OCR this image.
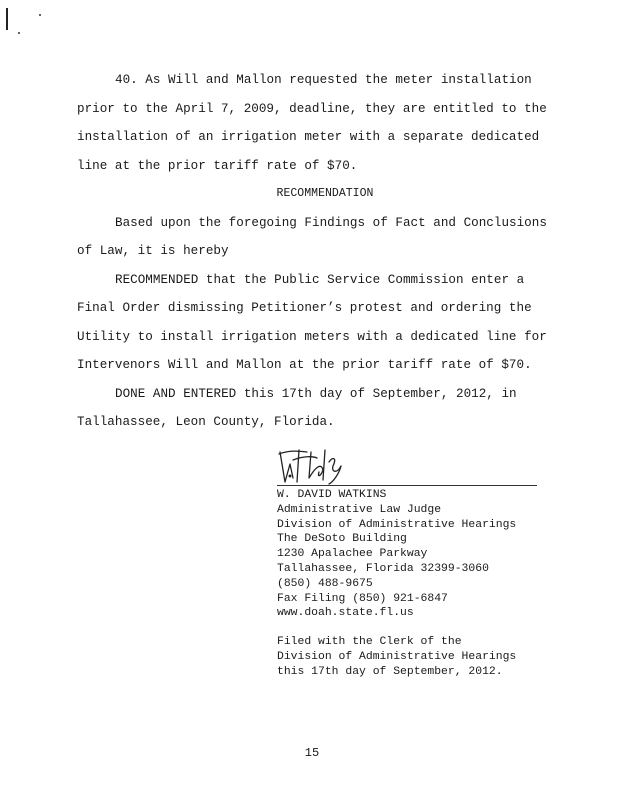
40. As Will and Mallon requested the meter installation prior to the April 7, 2009, deadline, they are entitled to the installation of an irrigation meter with a separate dedicated line at the prior tariff rate of $70.

RECOMMENDATION

Based upon the foregoing Findings of Fact and Conclusions of Law, it is hereby

RECOMMENDED that the Public Service Commission enter a Final Order dismissing Petitioner’s protest and ordering the Utility to install irrigation meters with a dedicated line for Intervenors Will and Mallon at the prior tariff rate of $70.

DONE AND ENTERED this 17th day of September, 2012, in Tallahassee, Leon County, Florida.

W. DAVID WATKINS
Administrative Law Judge
Division of Administrative Hearings
The DeSoto Building
1230 Apalachee Parkway
Tallahassee, Florida 32399-3060
(850) 488-9675
Fax Filing (850) 921-6847
www.doah.state.fl.us
Filed with the Clerk of the
Division of Administrative Hearings
this 17th day of September, 2012.
15
